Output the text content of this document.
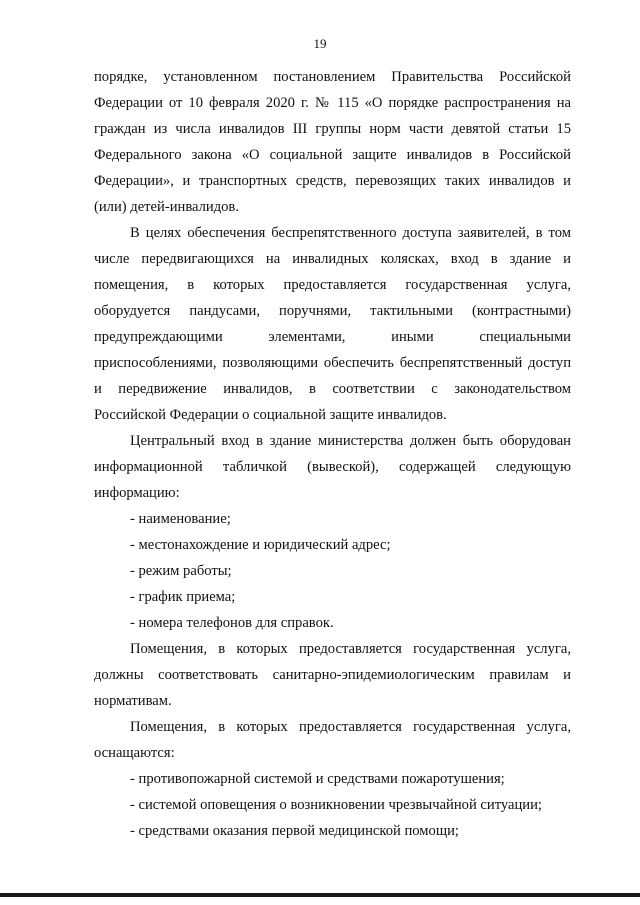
19
порядке, установленном постановлением Правительства Российской
Федерации от 10 февраля 2020 г. № 115 «О порядке распространения на
граждан из числа инвалидов III группы норм части девятой статьи 15
Федерального закона «О социальной защите инвалидов в Российской
Федерации», и транспортных средств, перевозящих таких инвалидов и
(или) детей-инвалидов.
В целях обеспечения беспрепятственного доступа заявителей, в том
числе передвигающихся на инвалидных колясках, вход в здание и
помещения, в которых предоставляется государственная услуга,
оборудуется пандусами, поручнями, тактильными (контрастными)
предупреждающими элементами, иными специальными
приспособлениями, позволяющими обеспечить беспрепятственный доступ
и передвижение инвалидов, в соответствии с законодательством
Российской Федерации о социальной защите инвалидов.
Центральный вход в здание министерства должен быть оборудован
информационной табличкой (вывеской), содержащей следующую
информацию:
- наименование;
- местонахождение и юридический адрес;
- режим работы;
- график приема;
- номера телефонов для справок.
Помещения, в которых предоставляется государственная услуга,
должны соответствовать санитарно-эпидемиологическим правилам и
нормативам.
Помещения, в которых предоставляется государственная услуга,
оснащаются:
- противопожарной системой и средствами пожаротушения;
- системой оповещения о возникновении чрезвычайной ситуации;
- средствами оказания первой медицинской помощи;
